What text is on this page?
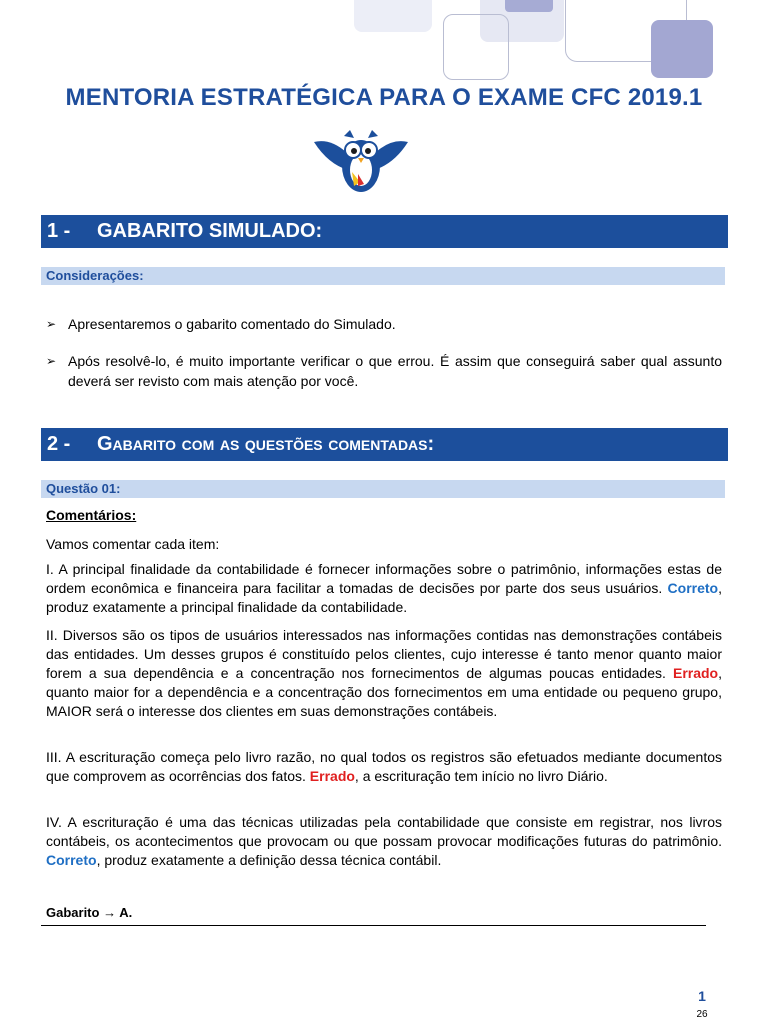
MENTORIA ESTRATÉGICA PARA O EXAME CFC 2019.1
1 -	GABARITO SIMULADO:
Considerações:
➢ Apresentaremos o gabarito comentado do Simulado.
➢ Após resolvê-lo, é muito importante verificar o que errou. É assim que conseguirá saber qual assunto deverá ser revisto com mais atenção por você.
2 -	Gabarito com as questões comentadas:
Questão 01:

Comentários:

Vamos comentar cada item:

I. A principal finalidade da contabilidade é fornecer informações sobre o patrimônio, informações estas de ordem econômica e financeira para facilitar a tomadas de decisões por parte dos seus usuários. Correto, produz exatamente a principal finalidade da contabilidade.

II. Diversos são os tipos de usuários interessados nas informações contidas nas demonstrações contábeis das entidades. Um desses grupos é constituído pelos clientes, cujo interesse é tanto menor quanto maior forem a sua dependência e a concentração nos fornecimentos de algumas poucas entidades. Errado, quanto maior for a dependência e a concentração dos fornecimentos em uma entidade ou pequeno grupo, MAIOR será o interesse dos clientes em suas demonstrações contábeis.

III. A escrituração começa pelo livro razão, no qual todos os registros são efetuados mediante documentos que comprovem as ocorrências dos fatos. Errado, a escrituração tem início no livro Diário.

IV. A escrituração é uma das técnicas utilizadas pela contabilidade que consiste em registrar, nos livros contábeis, os acontecimentos que provocam ou que possam provocar modificações futuras do patrimônio. Correto, produz exatamente a definição dessa técnica contábil.

Gabarito → A.
1
26
